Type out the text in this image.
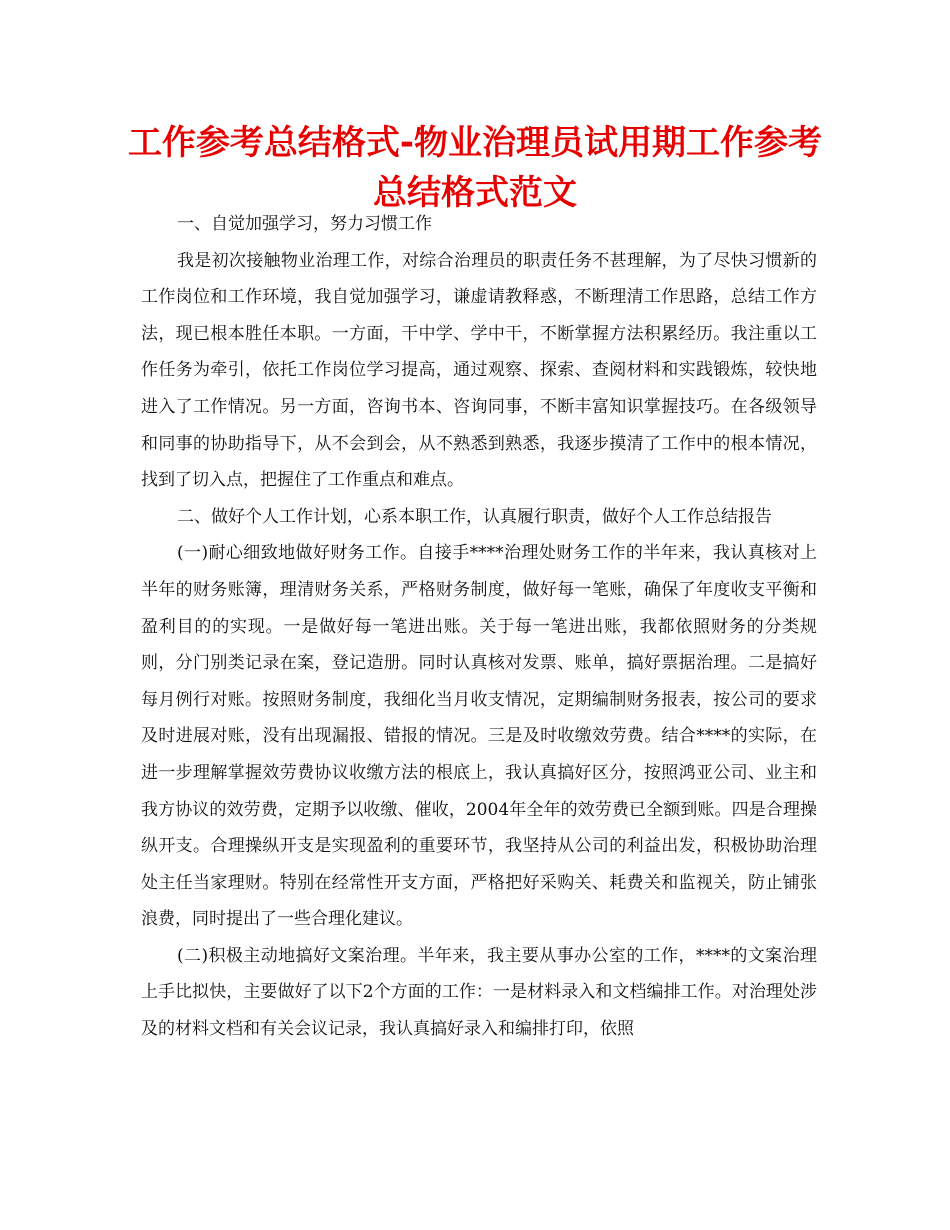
工作参考总结格式-物业治理员试用期工作参考总结格式范文

一、自觉加强学习，努力习惯工作

我是初次接触物业治理工作，对综合治理员的职责任务不甚理解，为了尽快习惯新的工作岗位和工作环境，我自觉加强学习，谦虚请教释惑，不断理清工作思路，总结工作方法，现已根本胜任本职。一方面，干中学、学中干，不断掌握方法积累经历。我注重以工作任务为牵引，依托工作岗位学习提高，通过观察、探索、查阅材料和实践锻炼，较快地进入了工作情况。另一方面，咨询书本、咨询同事，不断丰富知识掌握技巧。在各级领导和同事的协助指导下，从不会到会，从不熟悉到熟悉，我逐步摸清了工作中的根本情况，找到了切入点，把握住了工作重点和难点。

二、做好个人工作计划，心系本职工作，认真履行职责，做好个人工作总结报告

(一)耐心细致地做好财务工作。自接手****治理处财务工作的半年来，我认真核对上半年的财务账簿，理清财务关系，严格财务制度，做好每一笔账，确保了年度收支平衡和盈利目的的实现。一是做好每一笔进出账。关于每一笔进出账，我都依照财务的分类规则，分门别类记录在案，登记造册。同时认真核对发票、账单，搞好票据治理。二是搞好每月例行对账。按照财务制度，我细化当月收支情况，定期编制财务报表，按公司的要求及时进展对账，没有出现漏报、错报的情况。三是及时收缴效劳费。结合****的实际，在进一步理解掌握效劳费协议收缴方法的根底上，我认真搞好区分，按照鸿亚公司、业主和我方协议的效劳费，定期予以收缴、催收，2004年全年的效劳费已全额到账。四是合理操纵开支。合理操纵开支是实现盈利的重要环节，我坚持从公司的利益出发，积极协助治理处主任当家理财。特别在经常性开支方面，严格把好采购关、耗费关和监视关，防止铺张浪费，同时提出了一些合理化建议。

(二)积极主动地搞好文案治理。半年来，我主要从事办公室的工作，****的文案治理上手比拟快，主要做好了以下2个方面的工作：一是材料录入和文档编排工作。对治理处涉及的材料文档和有关会议记录，我认真搞好录入和编排打印，依照
